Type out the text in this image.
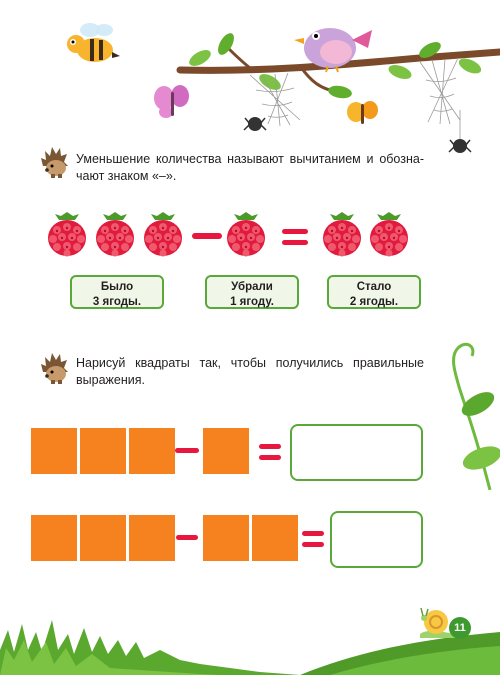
Уменьшение количества называют вычитанием и обозна-
чают знаком «–».
Было
3 ягоды.
Убрали
1 ягоду.
Стало
2 ягоды.
Нарисуй квадраты так, чтобы получились правильные
выражения.
11
